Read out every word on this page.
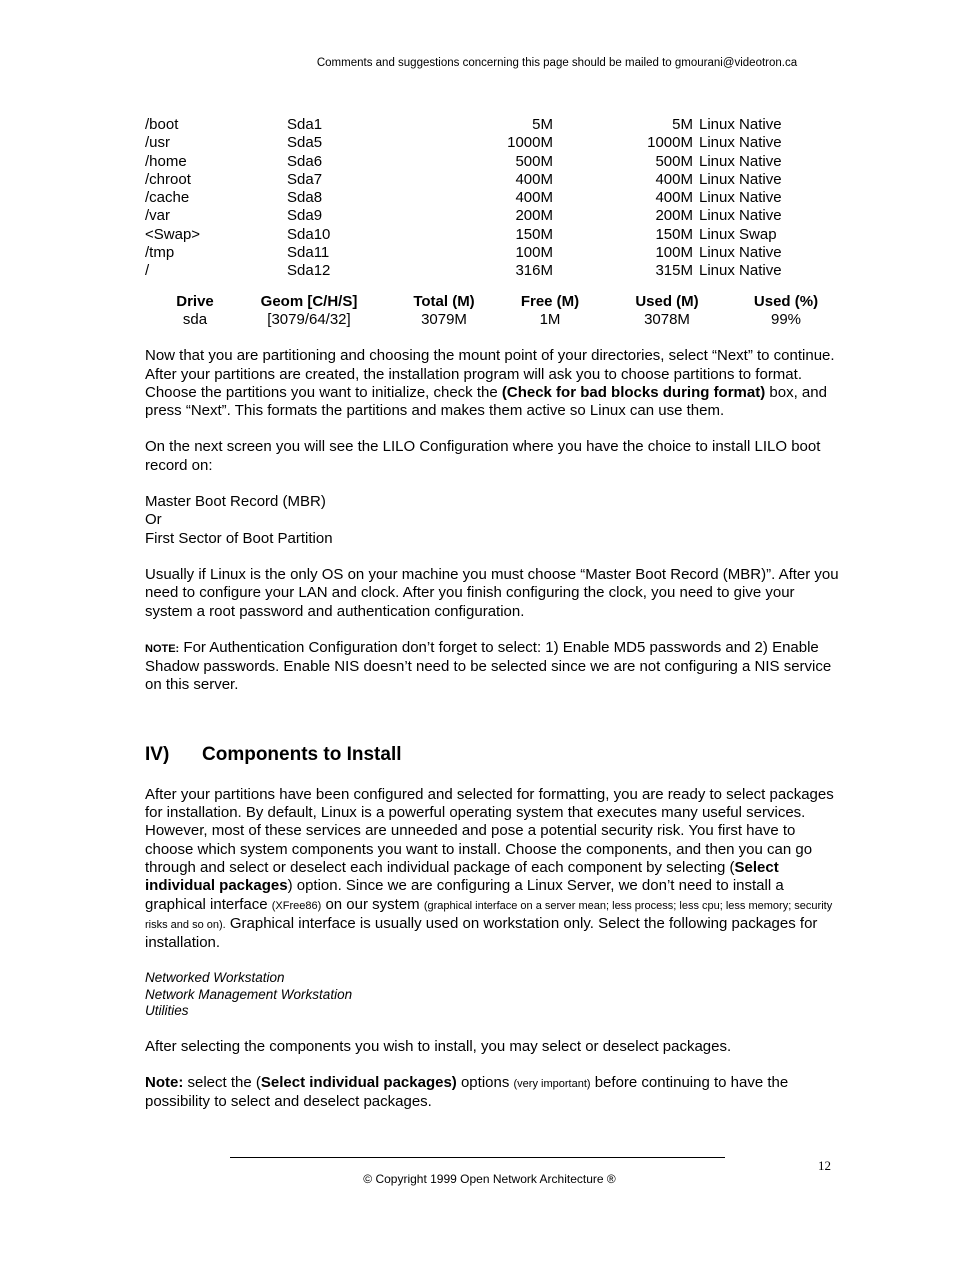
Comments and suggestions concerning this page should be mailed to gmourani@videotron.ca
/boot	Sda1	5M	5M	Linux Native
/usr	Sda5	1000M	1000M	Linux Native
/home	Sda6	500M	500M	Linux Native
/chroot	Sda7	400M	400M	Linux Native
/cache	Sda8	400M	400M	Linux Native
/var	Sda9	200M	200M	Linux Native
<Swap>	Sda10	150M	150M	Linux Swap
/tmp	Sda11	100M	100M	Linux Native
/	Sda12	316M	315M	Linux Native
Drive	Geom [C/H/S]	Total (M)	Free (M)	Used (M)	Used (%)
sda	[3079/64/32]	3079M	1M	3078M	99%

Now that you are partitioning and choosing the mount point of your directories, select “Next” to continue. After your partitions are created, the installation program will ask you to choose partitions to format. Choose the partitions you want to initialize, check the (Check for bad blocks during format) box, and press “Next”. This formats the partitions and makes them active so Linux can use them.

On the next screen you will see the LILO Configuration where you have the choice to install LILO boot record on:

Master Boot Record (MBR)
Or
First Sector of Boot Partition

Usually if Linux is the only OS on your machine you must choose “Master Boot Record (MBR)”. After you need to configure your LAN and clock. After you finish configuring the clock, you need to give your system a root password and authentication configuration.

NOTE: For Authentication Configuration don’t forget to select: 1) Enable MD5 passwords and 2) Enable Shadow passwords. Enable NIS doesn’t need to be selected since we are not configuring a NIS service on this server.

IV) Components to Install

After your partitions have been configured and selected for formatting, you are ready to select packages for installation. By default, Linux is a powerful operating system that executes many useful services. However, most of these services are unneeded and pose a potential security risk. You first have to choose which system components you want to install. Choose the components, and then you can go through and select or deselect each individual package of each component by selecting (Select individual packages) option. Since we are configuring a Linux Server, we don’t need to install a graphical interface (XFree86) on our system (graphical interface on a server mean; less process; less cpu; less memory; security risks and so on). Graphical interface is usually used on workstation only. Select the following packages for installation.

Networked Workstation
Network Management Workstation
Utilities

After selecting the components you wish to install, you may select or deselect packages.

Note: select the (Select individual packages) options (very important) before continuing to have the possibility to select and deselect packages.

12
© Copyright 1999 Open Network Architecture ®
